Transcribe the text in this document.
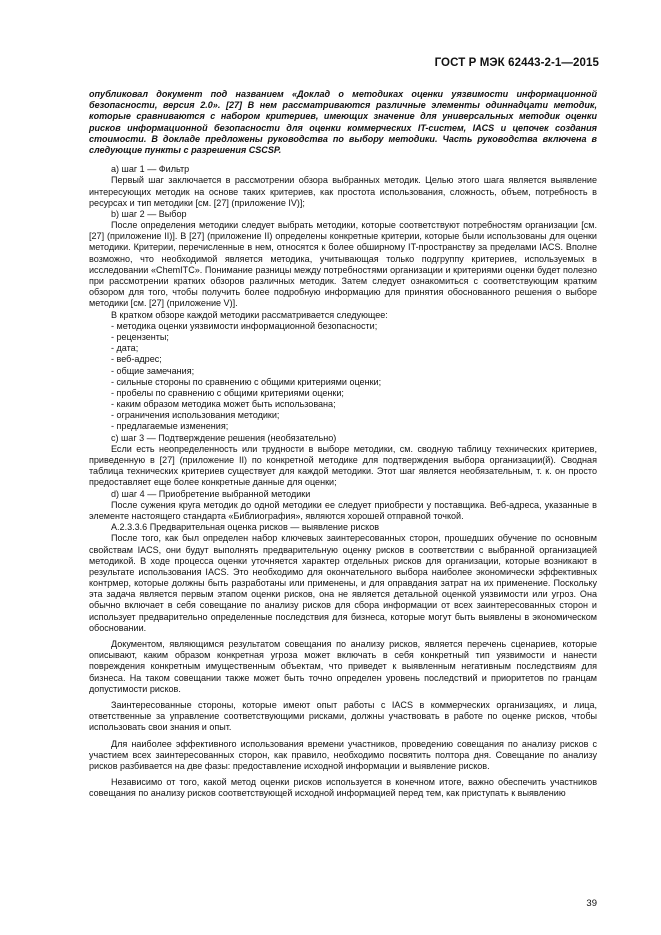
ГОСТ Р МЭК 62443-2-1—2015

опубликовал документ под названием «Доклад о методиках оценки уязвимости информационной безопасности, версия 2.0». [27] В нем рассматриваются различные элементы одиннадцати методик, которые сравниваются с набором критериев, имеющих значение для универсальных методик оценки рисков информационной безопасности для оценки коммерческих IT-систем, IACS и цепочек создания стоимости. В докладе предложены руководства по выбору методики. Часть руководства включена в следующие пункты с разрешения CSCSP.

a) шаг 1 — Фильтр

Первый шаг заключается в рассмотрении обзора выбранных методик. Целью этого шага является выявление интересующих методик на основе таких критериев, как простота использования, сложность, объем, потребность в ресурсах и тип методики [см. [27] (приложение IV)];

b) шаг 2 — Выбор

После определения методики следует выбрать методики, которые соответствуют потребностям организации [см. [27] (приложение II)]. В [27] (приложение II) определены конкретные критерии, которые были использованы для оценки методики. Критерии, перечисленные в нем, относятся к более обширному IT-пространству за пределами IACS. Вполне возможно, что необходимой является методика, учитывающая только подгруппу критериев, используемых в исследовании «ChemITC». Понимание разницы между потребностями организации и критериями оценки будет полезно при рассмотрении кратких обзоров различных методик. Затем следует ознакомиться с соответствующим кратким обзором для того, чтобы получить более подробную информацию для принятия обоснованного решения о выборе методики [см. [27] (приложение V)].

В кратком обзоре каждой методики рассматривается следующее:

- методика оценки уязвимости информационной безопасности;

- рецензенты;

- дата;

- веб-адрес;

- общие замечания;

- сильные стороны по сравнению с общими критериями оценки;

- пробелы по сравнению с общими критериями оценки;

- каким образом методика может быть использована;

- ограничения использования методики;

- предлагаемые изменения;

c) шаг 3 — Подтверждение решения (необязательно)

Если есть неопределенность или трудности в выборе методики, см. сводную таблицу технических критериев, приведенную в [27] (приложение II) по конкретной методике для подтверждения выбора организации(й). Сводная таблица технических критериев существует для каждой методики. Этот шаг является необязательным, т. к. он просто предоставляет еще более конкретные данные для оценки;

d) шаг 4 — Приобретение выбранной методики

После сужения круга методик до одной методики ее следует приобрести у поставщика. Веб-адреса, указанные в элементе настоящего стандарта «Библиография», являются хорошей отправной точкой.

A.2.3.3.6 Предварительная оценка рисков — выявление рисков

После того, как был определен набор ключевых заинтересованных сторон, прошедших обучение по основным свойствам IACS, они будут выполнять предварительную оценку рисков в соответствии с выбранной организацией методикой. В ходе процесса оценки уточняется характер отдельных рисков для организации, которые возникают в результате использования IACS. Это необходимо для окончательного выбора наиболее экономически эффективных контрмер, которые должны быть разработаны или применены, и для оправдания затрат на их применение. Поскольку эта задача является первым этапом оценки рисков, она не является детальной оценкой уязвимости или угроз. Она обычно включает в себя совещание по анализу рисков для сбора информации от всех заинтересованных сторон и использует предварительно определенные последствия для бизнеса, которые могут быть выявлены в экономическом обосновании.

Документом, являющимся результатом совещания по анализу рисков, является перечень сценариев, которые описывают, каким образом конкретная угроза может включать в себя конкретный тип уязвимости и нанести повреждения конкретным имущественным объектам, что приведет к выявленным негативным последствиям для бизнеса. На таком совещании также может быть точно определен уровень последствий и приоритетов по гранцам допустимости рисков.

Заинтересованные стороны, которые имеют опыт работы с IACS в коммерческих организациях, и лица, ответственные за управление соответствующими рисками, должны участвовать в работе по оценке рисков, чтобы использовать свои знания и опыт.

Для наиболее эффективного использования времени участников, проведению совещания по анализу рисков с участием всех заинтересованных сторон, как правило, необходимо посвятить полтора дня. Совещание по анализу рисков разбивается на две фазы: предоставление исходной информации и выявление рисков.

Независимо от того, какой метод оценки рисков используется в конечном итоге, важно обеспечить участников совещания по анализу рисков соответствующей исходной информацией перед тем, как приступать к выявлению

39
